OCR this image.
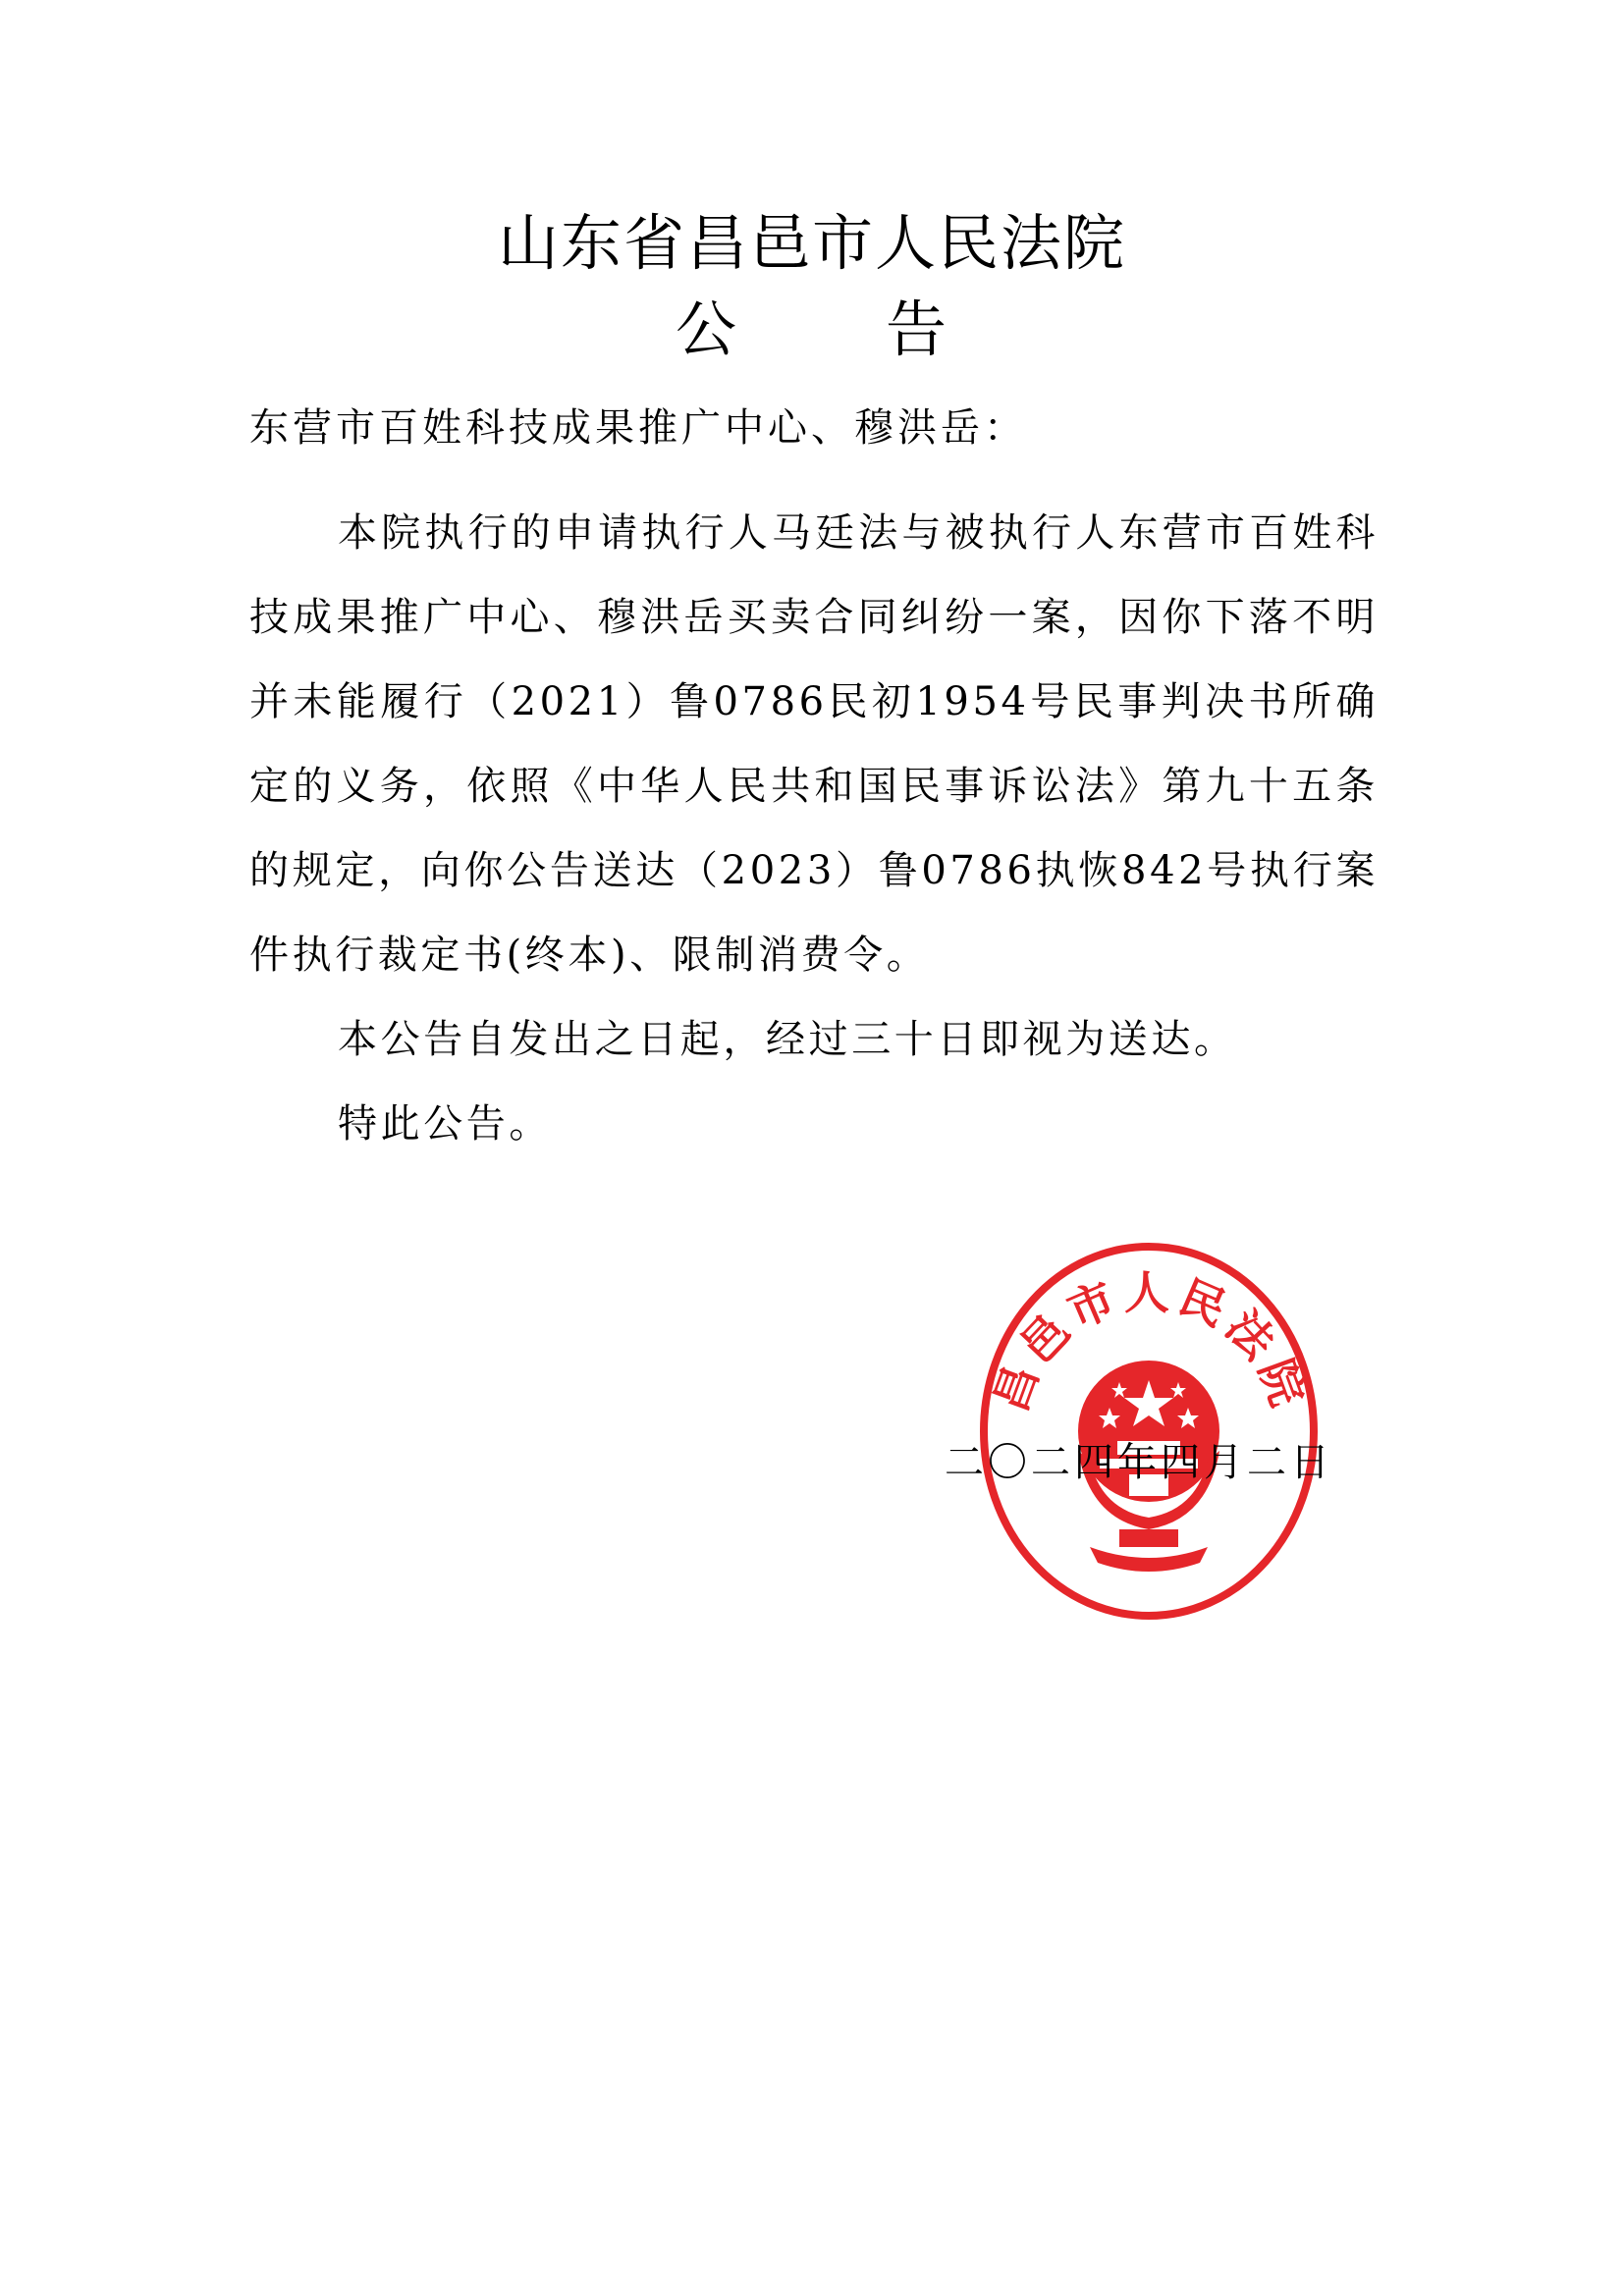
山东省昌邑市人民法院
公 告
东营市百姓科技成果推广中心、穆洪岳：

本院执行的申请执行人马廷法与被执行人东营市百姓科技成果推广中心、穆洪岳买卖合同纠纷一案，因你下落不明并未能履行（2021）鲁0786民初1954号民事判决书所确定的义务，依照《中华人民共和国民事诉讼法》第九十五条的规定，向你公告送达（2023）鲁0786执恢842号执行案件执行裁定书(终本)、限制消费令。

本公告自发出之日起，经过三十日即视为送达。

特此公告。

昌邑市人民法院
二〇二四年四月二日
